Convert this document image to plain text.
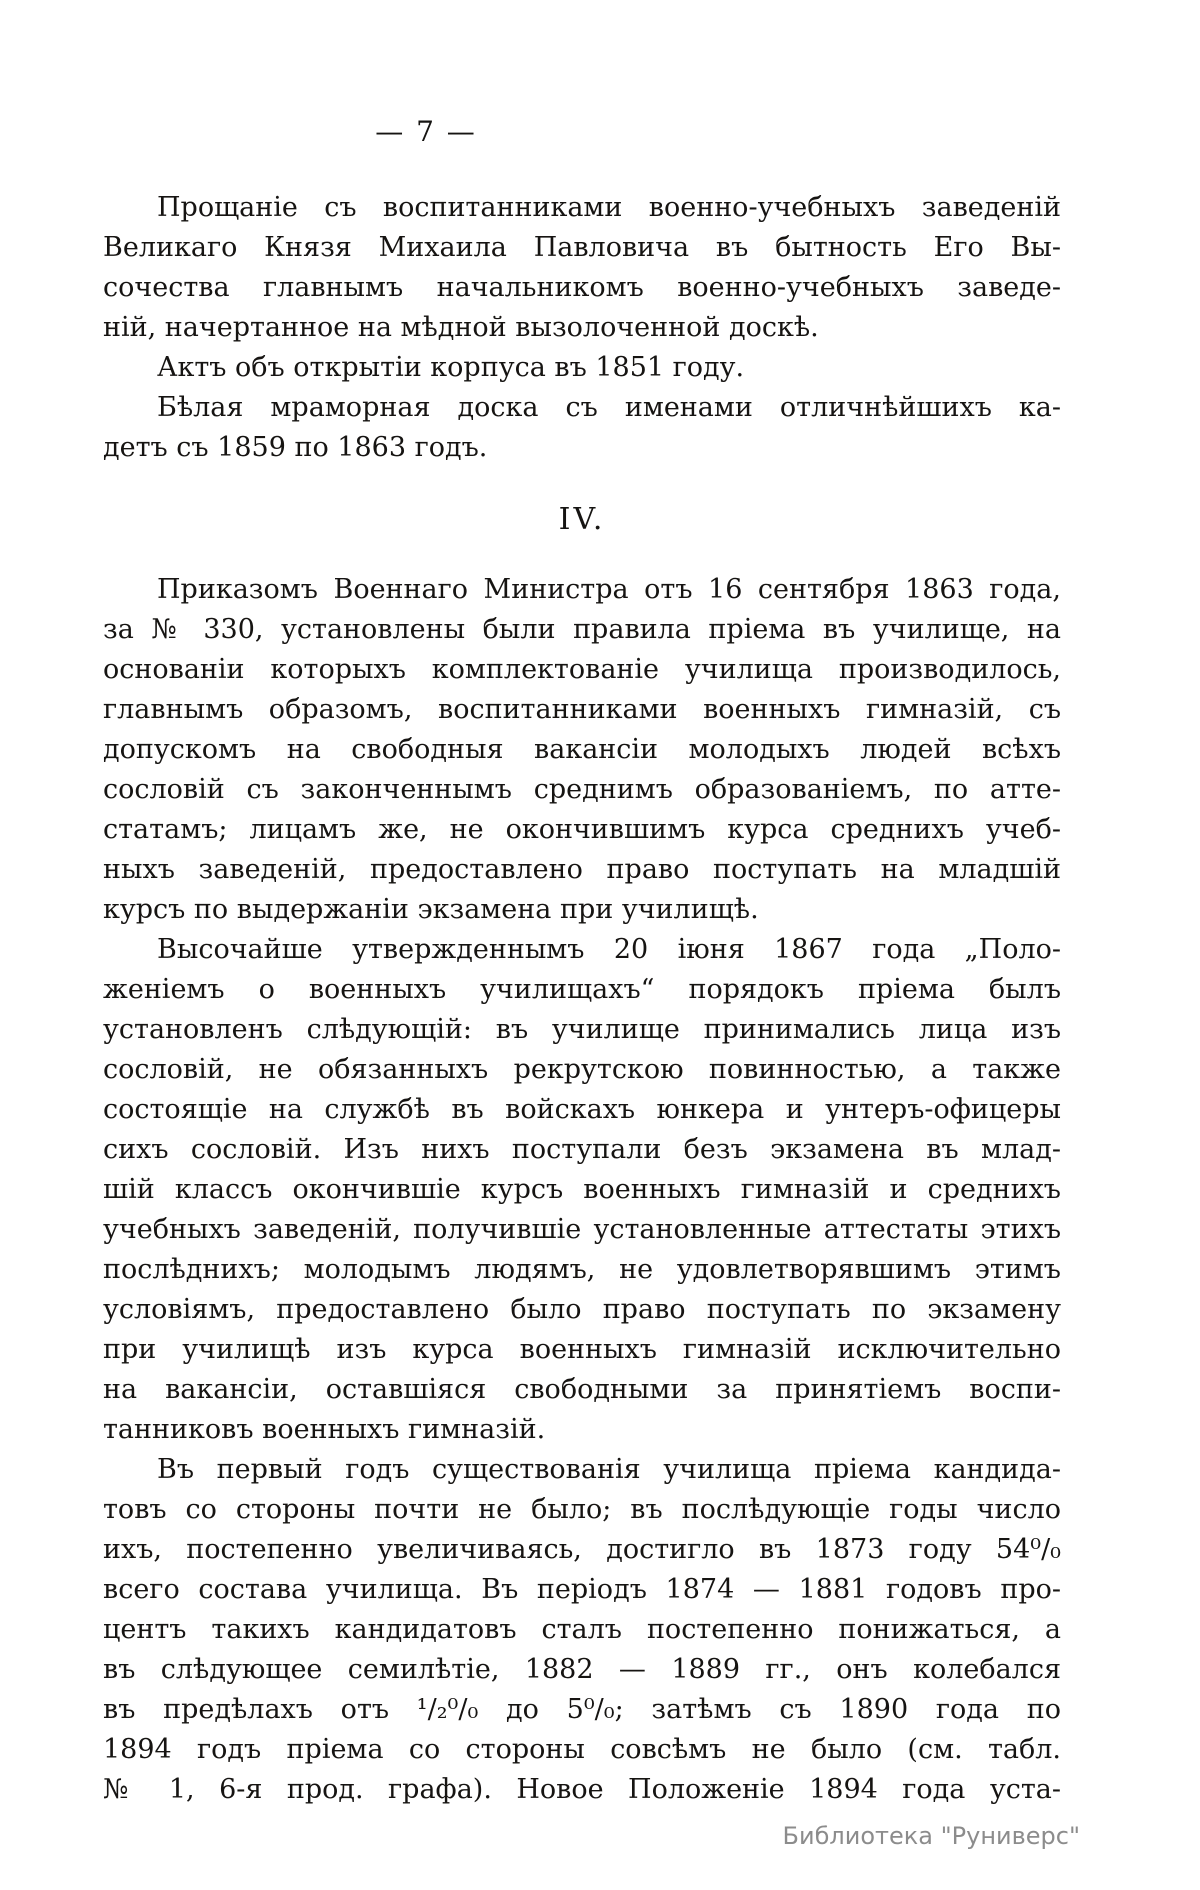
— 7 —
Прощаніе съ воспитанниками военно-учебныхъ заведеній
Великаго Князя Михаила Павловича въ бытность Его Вы-
сочества главнымъ начальникомъ военно-учебныхъ заведе-
ній, начертанное на мѣдной вызолоченной доскѣ.
Актъ объ открытіи корпуса въ 1851 году.
Бѣлая мраморная доска съ именами отличнѣйшихъ ка-
детъ съ 1859 по 1863 годъ.
IV.
Приказомъ Военнаго Министра отъ 16 сентября 1863 года,
за № 330, установлены были правила пріема въ училище, на
основаніи которыхъ комплектованіе училища производилось,
главнымъ образомъ, воспитанниками военныхъ гимназій, съ
допускомъ на свободныя вакансіи молодыхъ людей всѣхъ
сословій съ законченнымъ среднимъ образованіемъ, по атте-
статамъ; лицамъ же, не окончившимъ курса среднихъ учеб-
ныхъ заведеній, предоставлено право поступать на младшій
курсъ по выдержаніи экзамена при училищѣ.
Высочайше утвержденнымъ 20 іюня 1867 года „Поло-
женіемъ о военныхъ училищахъ“ порядокъ пріема былъ
установленъ слѣдующій: въ училище принимались лица изъ
сословій, не обязанныхъ рекрутскою повинностью, а также
состоящіе на службѣ въ войскахъ юнкера и унтеръ-офицеры
сихъ сословій. Изъ нихъ поступали безъ экзамена въ млад-
шій классъ окончившіе курсъ военныхъ гимназій и среднихъ
учебныхъ заведеній, получившіе установленные аттестаты этихъ
послѣднихъ; молодымъ людямъ, не удовлетворявшимъ этимъ
условіямъ, предоставлено было право поступать по экзамену
при училищѣ изъ курса военныхъ гимназій исключительно
на вакансіи, оставшіяся свободными за принятіемъ воспи-
танниковъ военныхъ гимназій.
Въ первый годъ существованія училища пріема кандида-
товъ со стороны почти не было; въ послѣдующіе годы число
ихъ, постепенно увеличиваясь, достигло въ 1873 году 54⁰/₀
всего состава училища. Въ періодъ 1874 — 1881 годовъ про-
центъ такихъ кандидатовъ сталъ постепенно понижаться, а
въ слѣдующее семилѣтіе, 1882 — 1889 гг., онъ колебался
въ предѣлахъ отъ ¹/₂⁰/₀ до 5⁰/₀; затѣмъ съ 1890 года по
1894 годъ пріема со стороны совсѣмъ не было (см. табл.
№ 1, 6-я прод. графа). Новое Положеніе 1894 года уста-
Библиотека "Руниверс"
